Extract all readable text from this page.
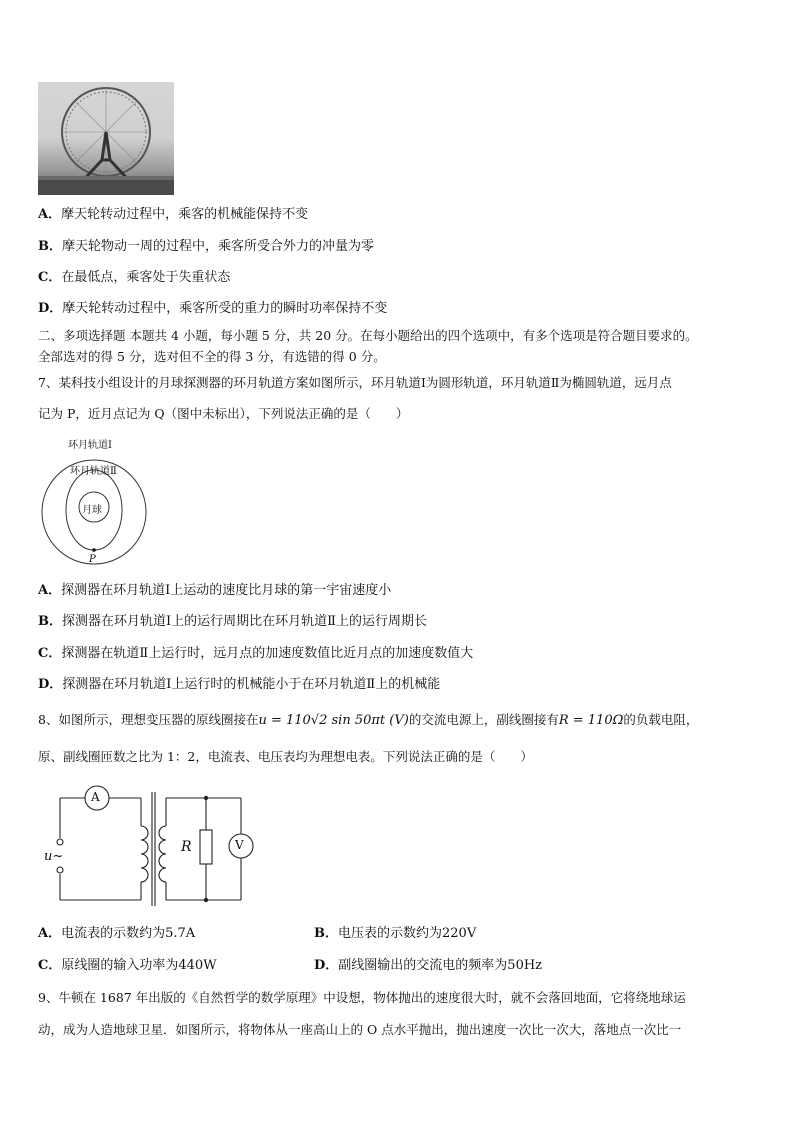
A．摩天轮转动过程中，乘客的机械能保持不变
B．摩天轮物动一周的过程中，乘客所受合外力的冲量为零
C．在最低点，乘客处于失重状态
D．摩天轮转动过程中，乘客所受的重力的瞬时功率保持不变
二、多项选择题 本题共 4 小题，每小题 5 分，共 20 分。在每小题给出的四个选项中，有多个选项是符合题目要求的。
全部选对的得 5 分，选对但不全的得 3 分，有选错的得 0 分。
7、某科技小组设计的月球探测器的环月轨道方案如图所示，环月轨道Ⅰ为圆形轨道，环月轨道Ⅱ为椭圆轨道，远月点
记为 P，近月点记为 Q（图中未标出），下列说法正确的是（　　）
环月轨道Ⅰ
环月轨道Ⅱ
月球
P
A．探测器在环月轨道Ⅰ上运动的速度比月球的第一宇宙速度小
B．探测器在环月轨道Ⅰ上的运行周期比在环月轨道Ⅱ上的运行周期长
C．探测器在轨道Ⅱ上运行时，远月点的加速度数值比近月点的加速度数值大
D．探测器在环月轨道Ⅰ上运行时的机械能小于在环月轨道Ⅱ上的机械能
8、如图所示，理想变压器的原线圈接在u = 110√2 sin 50πt (V)的交流电源上，副线圈接有R = 110Ω的负载电阻，
原、副线圈匝数之比为 1：2，电流表、电压表均为理想电表。下列说法正确的是（　　）
A
V
R
u~
A．电流表的示数约为5.7A	B．电压表的示数约为220V
C．原线圈的输入功率为440W	D．副线圈输出的交流电的频率为50Hz
9、牛顿在 1687 年出版的《自然哲学的数学原理》中设想，物体抛出的速度很大时，就不会落回地面，它将绕地球运
动，成为人造地球卫星．如图所示，将物体从一座高山上的 O 点水平抛出，抛出速度一次比一次大，落地点一次比一
